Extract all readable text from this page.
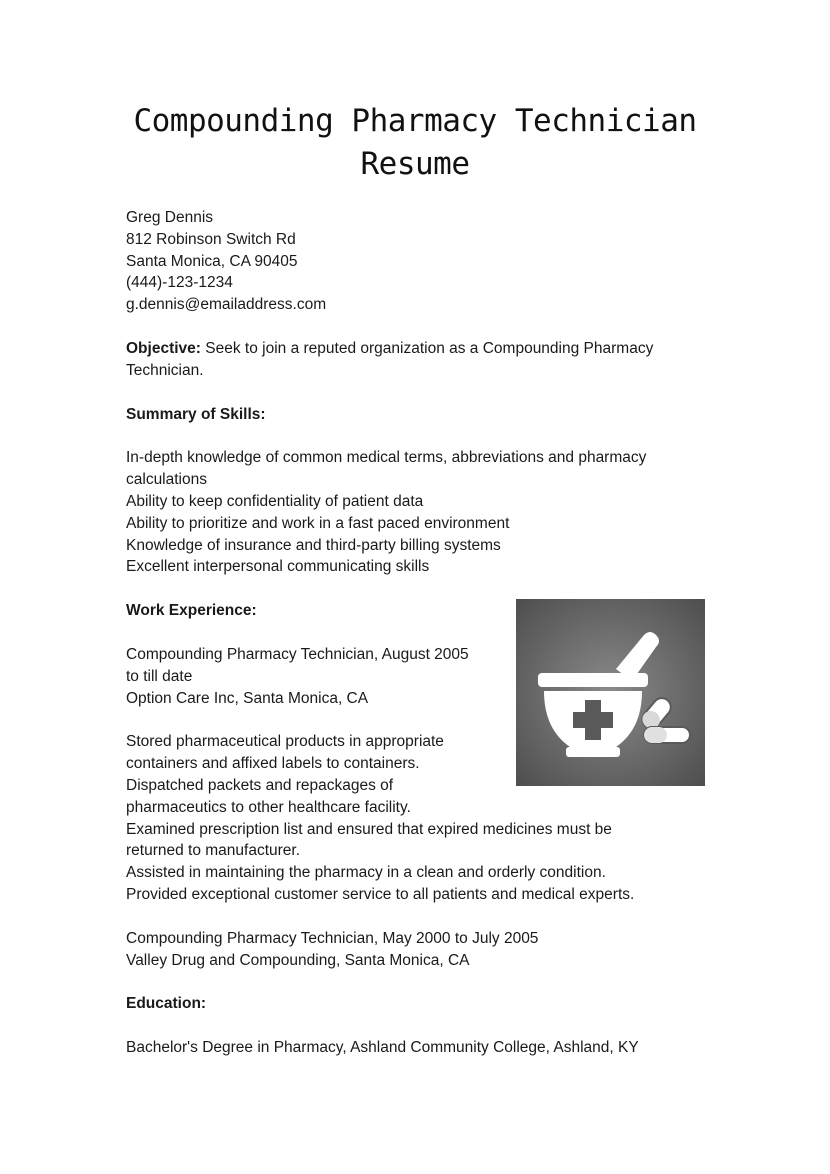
Compounding Pharmacy Technician
Resume

Greg Dennis

812 Robinson Switch Rd

Santa Monica, CA 90405

(444)-123-1234

g.dennis@emailaddress.com

Objective: Seek to join a reputed organization as a Compounding Pharmacy

Technician.

Summary of Skills:

In-depth knowledge of common medical terms, abbreviations and pharmacy

calculations

Ability to keep confidentiality of patient data

Ability to prioritize and work in a fast paced environment

Knowledge of insurance and third-party billing systems

Excellent interpersonal communicating skills

Work Experience:

Compounding Pharmacy Technician, August 2005

to till date

Option Care Inc, Santa Monica, CA

Stored pharmaceutical products in appropriate

containers and affixed labels to containers.

Dispatched packets and repackages of

pharmaceutics to other healthcare facility.

Examined prescription list and ensured that expired medicines must be

returned to manufacturer.

Assisted in maintaining the pharmacy in a clean and orderly condition.

Provided exceptional customer service to all patients and medical experts.

Compounding Pharmacy Technician, May 2000 to July 2005

Valley Drug and Compounding, Santa Monica, CA

Education:

Bachelor's Degree in Pharmacy, Ashland Community College, Ashland, KY
